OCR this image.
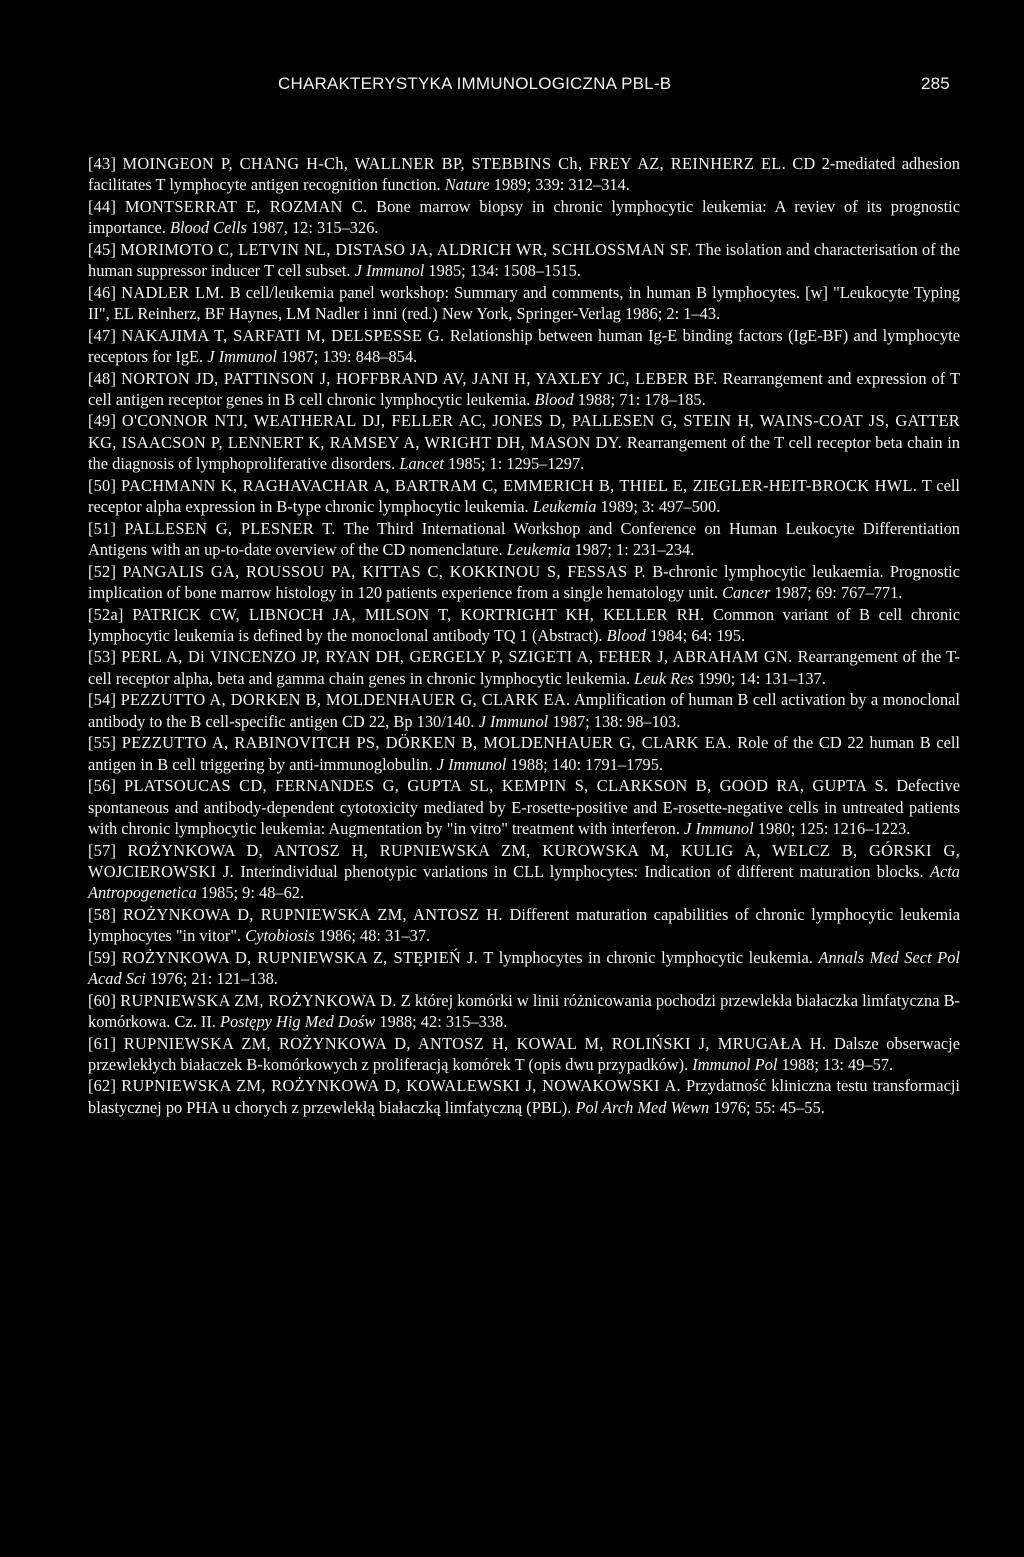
CHARAKTERYSTYKA IMMUNOLOGICZNA PBL-B	285
[43] MOINGEON P, CHANG H-Ch, WALLNER BP, STEBBINS Ch, FREY AZ, REINHERZ EL. CD 2-mediated adhesion facilitates T lymphocyte antigen recognition function. Nature 1989; 339: 312–314.
[44] MONTSERRAT E, ROZMAN C. Bone marrow biopsy in chronic lymphocytic leukemia: A reviev of its prognostic importance. Blood Cells 1987, 12: 315–326.
[45] MORIMOTO C, LETVIN NL, DISTASO JA, ALDRICH WR, SCHLOSSMAN SF. The isolation and characterisation of the human suppressor inducer T cell subset. J Immunol 1985; 134: 1508–1515.
[46] NADLER LM. B cell/leukemia panel workshop: Summary and comments, in human B lymphocytes. [w] "Leukocyte Typing II", EL Reinherz, BF Haynes, LM Nadler i inni (red.) New York, Springer-Verlag 1986; 2: 1–43.
[47] NAKAJIMA T, SARFATI M, DELSPESSE G. Relationship between human Ig-E binding factors (IgE-BF) and lymphocyte receptors for IgE. J Immunol 1987; 139: 848–854.
[48] NORTON JD, PATTINSON J, HOFFBRAND AV, JANI H, YAXLEY JC, LEBER BF. Rearrangement and expression of T cell antigen receptor genes in B cell chronic lymphocytic leukemia. Blood 1988; 71: 178–185.
[49] O'CONNOR NTJ, WEATHERAL DJ, FELLER AC, JONES D, PALLESEN G, STEIN H, WAINS-COAT JS, GATTER KG, ISAACSON P, LENNERT K, RAMSEY A, WRIGHT DH, MASON DY. Rearrangement of the T cell receptor beta chain in the diagnosis of lymphoproliferative disorders. Lancet 1985; 1: 1295–1297.
[50] PACHMANN K, RAGHAVACHAR A, BARTRAM C, EMMERICH B, THIEL E, ZIEGLER-HEIT-BROCK HWL. T cell receptor alpha expression in B-type chronic lymphocytic leukemia. Leukemia 1989; 3: 497–500.
[51] PALLESEN G, PLESNER T. The Third International Workshop and Conference on Human Leukocyte Differentiation Antigens with an up-to-date overview of the CD nomenclature. Leukemia 1987; 1: 231–234.
[52] PANGALIS GA, ROUSSOU PA, KITTAS C, KOKKINOU S, FESSAS P. B-chronic lymphocytic leukaemia. Prognostic implication of bone marrow histology in 120 patients experience from a single hematology unit. Cancer 1987; 69: 767–771.
[52a] PATRICK CW, LIBNOCH JA, MILSON T, KORTRIGHT KH, KELLER RH. Common variant of B cell chronic lymphocytic leukemia is defined by the monoclonal antibody TQ 1 (Abstract). Blood 1984; 64: 195.
[53] PERL A, Di VINCENZO JP, RYAN DH, GERGELY P, SZIGETI A, FEHER J, ABRAHAM GN. Rearrangement of the T-cell receptor alpha, beta and gamma chain genes in chronic lymphocytic leukemia. Leuk Res 1990; 14: 131–137.
[54] PEZZUTTO A, DORKEN B, MOLDENHAUER G, CLARK EA. Amplification of human B cell activation by a monoclonal antibody to the B cell-specific antigen CD 22, Bp 130/140. J Immunol 1987; 138: 98–103.
[55] PEZZUTTO A, RABINOVITCH PS, DÖRKEN B, MOLDENHAUER G, CLARK EA. Role of the CD 22 human B cell antigen in B cell triggering by anti-immunoglobulin. J Immunol 1988; 140: 1791–1795.
[56] PLATSOUCAS CD, FERNANDES G, GUPTA SL, KEMPIN S, CLARKSON B, GOOD RA, GUPTA S. Defective spontaneous and antibody-dependent cytotoxicity mediated by E-rosette-positive and E-rosette-negative cells in untreated patients with chronic lymphocytic leukemia: Augmentation by "in vitro" treatment with interferon. J Immunol 1980; 125: 1216–1223.
[57] ROŻYNKOWA D, ANTOSZ H, RUPNIEWSKA ZM, KUROWSKA M, KULIG A, WELCZ B, GÓRSKI G, WOJCIEROWSKI J. Interindividual phenotypic variations in CLL lymphocytes: Indication of different maturation blocks. Acta Antropogenetica 1985; 9: 48–62.
[58] ROŻYNKOWA D, RUPNIEWSKA ZM, ANTOSZ H. Different maturation capabilities of chronic lymphocytic leukemia lymphocytes "in vitor". Cytobiosis 1986; 48: 31–37.
[59] ROŻYNKOWA D, RUPNIEWSKA Z, STĘPIEŃ J. T lymphocytes in chronic lymphocytic leukemia. Annals Med Sect Pol Acad Sci 1976; 21: 121–138.
[60] RUPNIEWSKA ZM, ROŻYNKOWA D. Z której komórki w linii różnicowania pochodzi przewlekła białaczka limfatyczna B-komórkowa. Cz. II. Postępy Hig Med Dośw 1988; 42: 315–338.
[61] RUPNIEWSKA ZM, ROŻYNKOWA D, ANTOSZ H, KOWAL M, ROLIŃSKI J, MRUGAŁA H. Dalsze obserwacje przewlekłych białaczek B-komórkowych z proliferacją komórek T (opis dwu przypadków). Immunol Pol 1988; 13: 49–57.
[62] RUPNIEWSKA ZM, ROŻYNKOWA D, KOWALEWSKI J, NOWAKOWSKI A. Przydatność kliniczna testu transformacji blastycznej po PHA u chorych z przewlekłą białaczką limfatyczną (PBL). Pol Arch Med Wewn 1976; 55: 45–55.
